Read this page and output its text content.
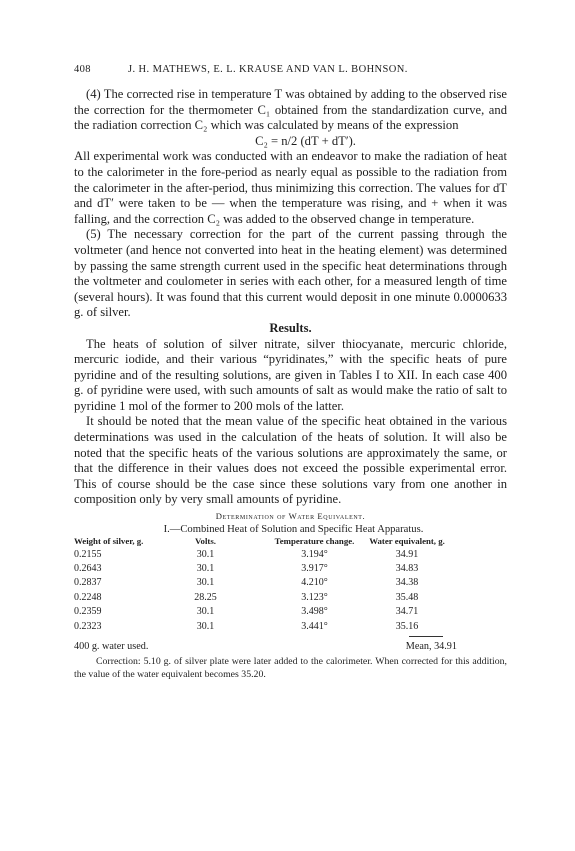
408	J. H. MATHEWS, E. L. KRAUSE AND VAN L. BOHNSON.

(4) The corrected rise in temperature T was obtained by adding to the observed rise the correction for the thermometer C₁ obtained from the standardization curve, and the radiation correction C₂ which was calculated by means of the expression

C₂ = n/2 (dT + dT′).

All experimental work was conducted with an endeavor to make the radiation of heat to the calorimeter in the fore-period as nearly equal as possible to the radiation from the calorimeter in the after-period, thus minimizing this correction. The values for dT and dT′ were taken to be — when the temperature was rising, and + when it was falling, and the correction C₂ was added to the observed change in temperature.

(5) The necessary correction for the part of the current passing through the voltmeter (and hence not converted into heat in the heating element) was determined by passing the same strength current used in the specific heat determinations through the voltmeter and coulometer in series with each other, for a measured length of time (several hours). It was found that this current would deposit in one minute 0.0000633 g. of silver.

Results.

The heats of solution of silver nitrate, silver thiocyanate, mercuric chloride, mercuric iodide, and their various “pyridinates,” with the specific heats of pure pyridine and of the resulting solutions, are given in Tables I to XII. In each case 400 g. of pyridine were used, with such amounts of salt as would make the ratio of salt to pyridine 1 mol of the former to 200 mols of the latter.

It should be noted that the mean value of the specific heat obtained in the various determinations was used in the calculation of the heats of solution. It will also be noted that the specific heats of the various solutions are approximately the same, or that the difference in their values does not exceed the possible experimental error. This of course should be the case since these solutions vary from one another in composition only by very small amounts of pyridine.

Determination of Water Equivalent.
I.—Combined Heat of Solution and Specific Heat Apparatus.
Weight of silver, g.	Volts.	Temperature change.	Water equivalent, g.
0.2155	30.1	3.194°	34.91
0.2643	30.1	3.917°	34.83
0.2837	30.1	4.210°	34.38
0.2248	28.25	3.123°	35.48
0.2359	30.1	3.498°	34.71
0.2323	30.1	3.441°	35.16
400 g. water used.	Mean, 34.91
Correction: 5.10 g. of silver plate were later added to the calorimeter. When corrected for this addition, the value of the water equivalent becomes 35.20.
